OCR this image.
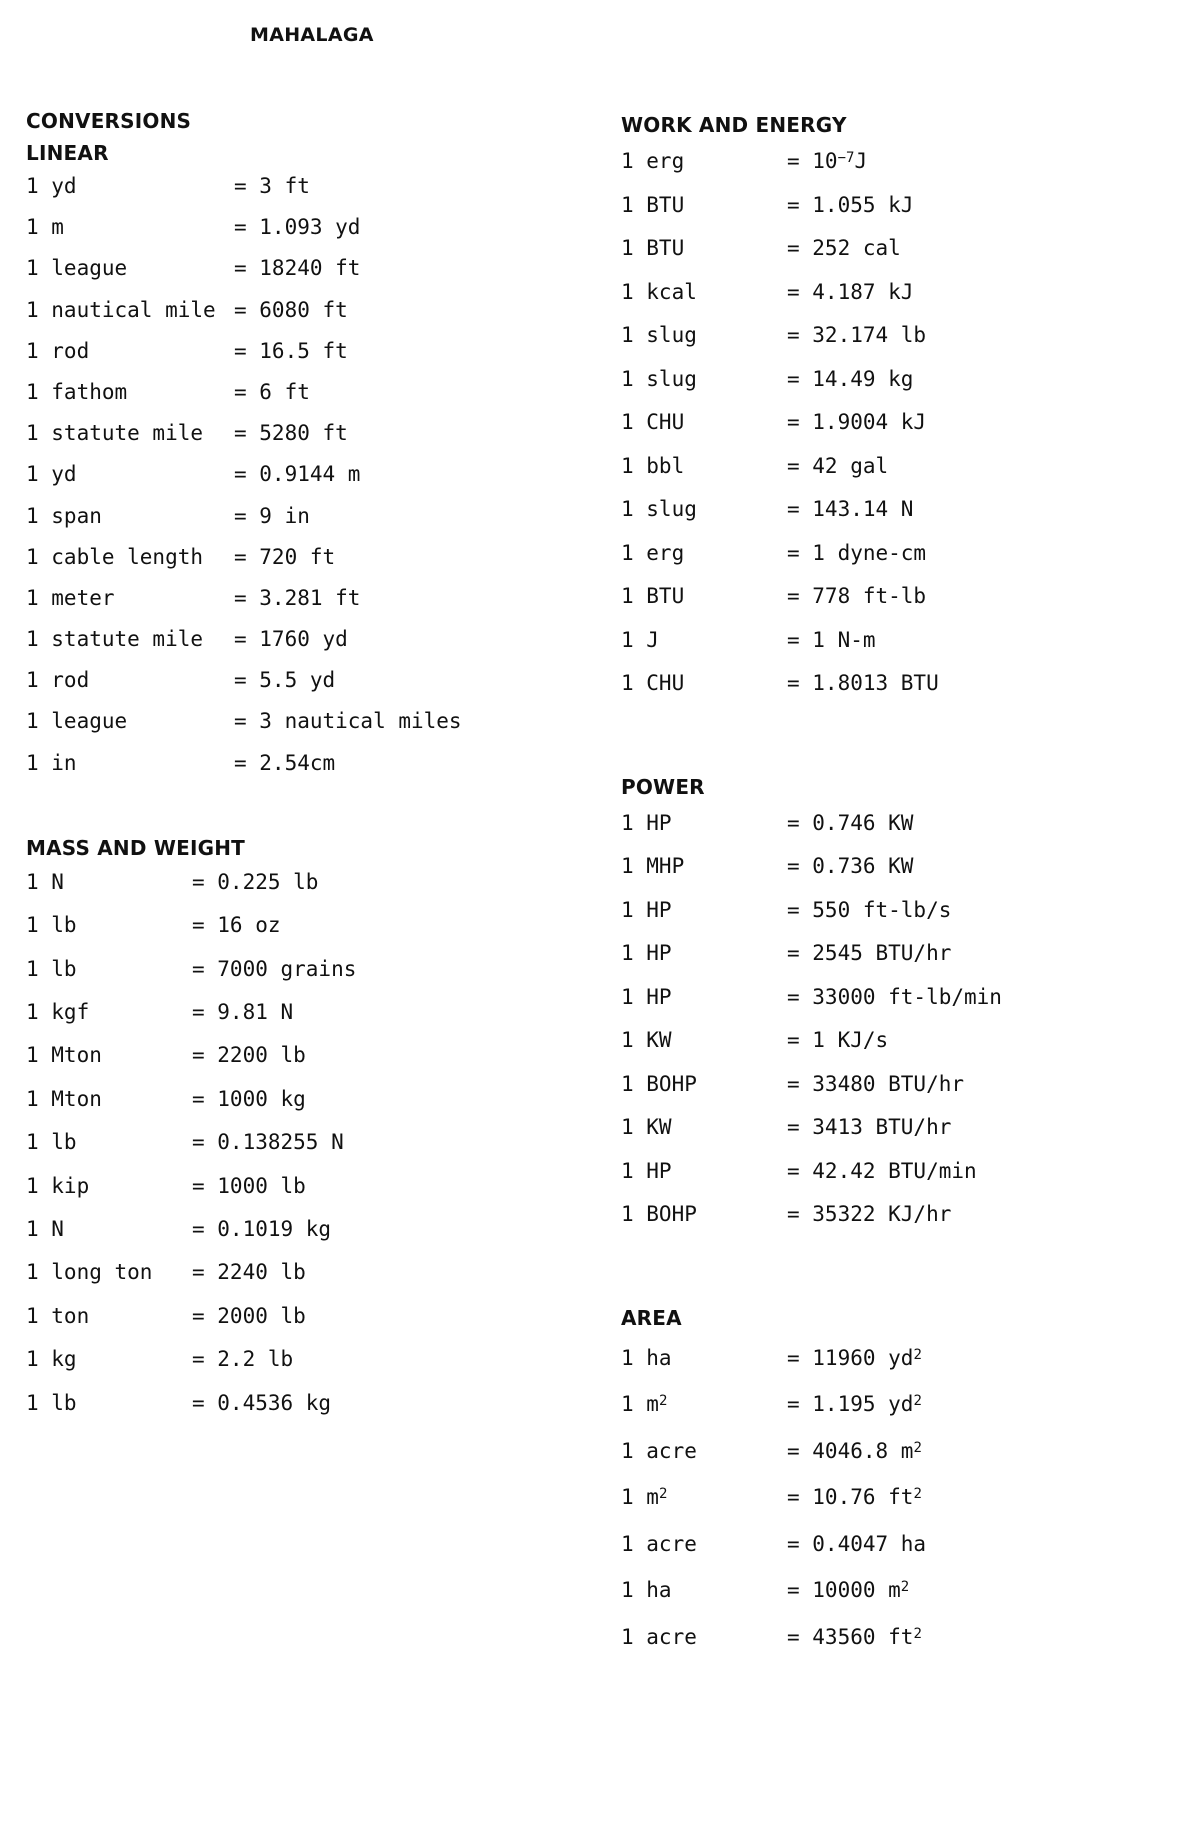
MAHALAGA
CONVERSIONS
LINEAR
1 yd	= 3 ft
1 m	= 1.093 yd
1 league	= 18240 ft
1 nautical mile = 6080 ft
1 rod	= 16.5 ft
1 fathom	= 6 ft
1 statute mile	= 5280 ft
1 yd	= 0.9144 m
1 span	= 9 in
1 cable length	= 720 ft
1 meter	= 3.281 ft
1 statute mile	= 1760 yd
1 rod	= 5.5 yd
1 league	= 3 nautical miles
1 in	= 2.54cm
MASS AND WEIGHT
1 N	= 0.225 lb
1 lb	= 16 oz
1 lb	= 7000 grains
1 kgf	= 9.81 N
1 Mton	= 2200 lb
1 Mton	= 1000 kg
1 lb	= 0.138255 N
1 kip	= 1000 lb
1 N	= 0.1019 kg
1 long ton	= 2240 lb
1 ton	= 2000 lb
1 kg	= 2.2 lb
1 lb	= 0.4536 kg
WORK AND ENERGY
1 erg	= $10^{-7}J$
1 BTU	= 1.055 kJ
1 BTU	= 252 cal
1 kcal	= 4.187 kJ
1 slug	= 32.174 lb
1 slug	= 14.49 kg
1 CHU	= 1.9004 kJ
1 bbl	= 42 gal
1 slug	= 143.14 N
1 erg	= 1 dyne-cm
1 BTU	= 778 ft-lb
1 J	= 1 N-m
1 CHU	= 1.8013 BTU
POWER
1 HP	= 0.746 KW
1 MHP	= 0.736 KW
1 HP	= 550 ft-lb/s
1 HP	= 2545 BTU/hr
1 HP	= 33000 ft-lb/min
1 KW	= 1 KJ/s
1 BOHP	= 33480 BTU/hr
1 KW	= 3413 BTU/hr
1 HP	= 42.42 BTU/min
1 BOHP	= 35322 KJ/hr
AREA
1 ha	= 11960 $yd^2$
1 $m^2$	= 1.195 $yd^2$
1 acre	= 4046.8 $m^2$
1 $m^2$	= 10.76 $ft^2$
1 acre	= 0.4047 ha
1 ha	= 10000 $m^2$
1 acre	= 43560 $ft^2$
